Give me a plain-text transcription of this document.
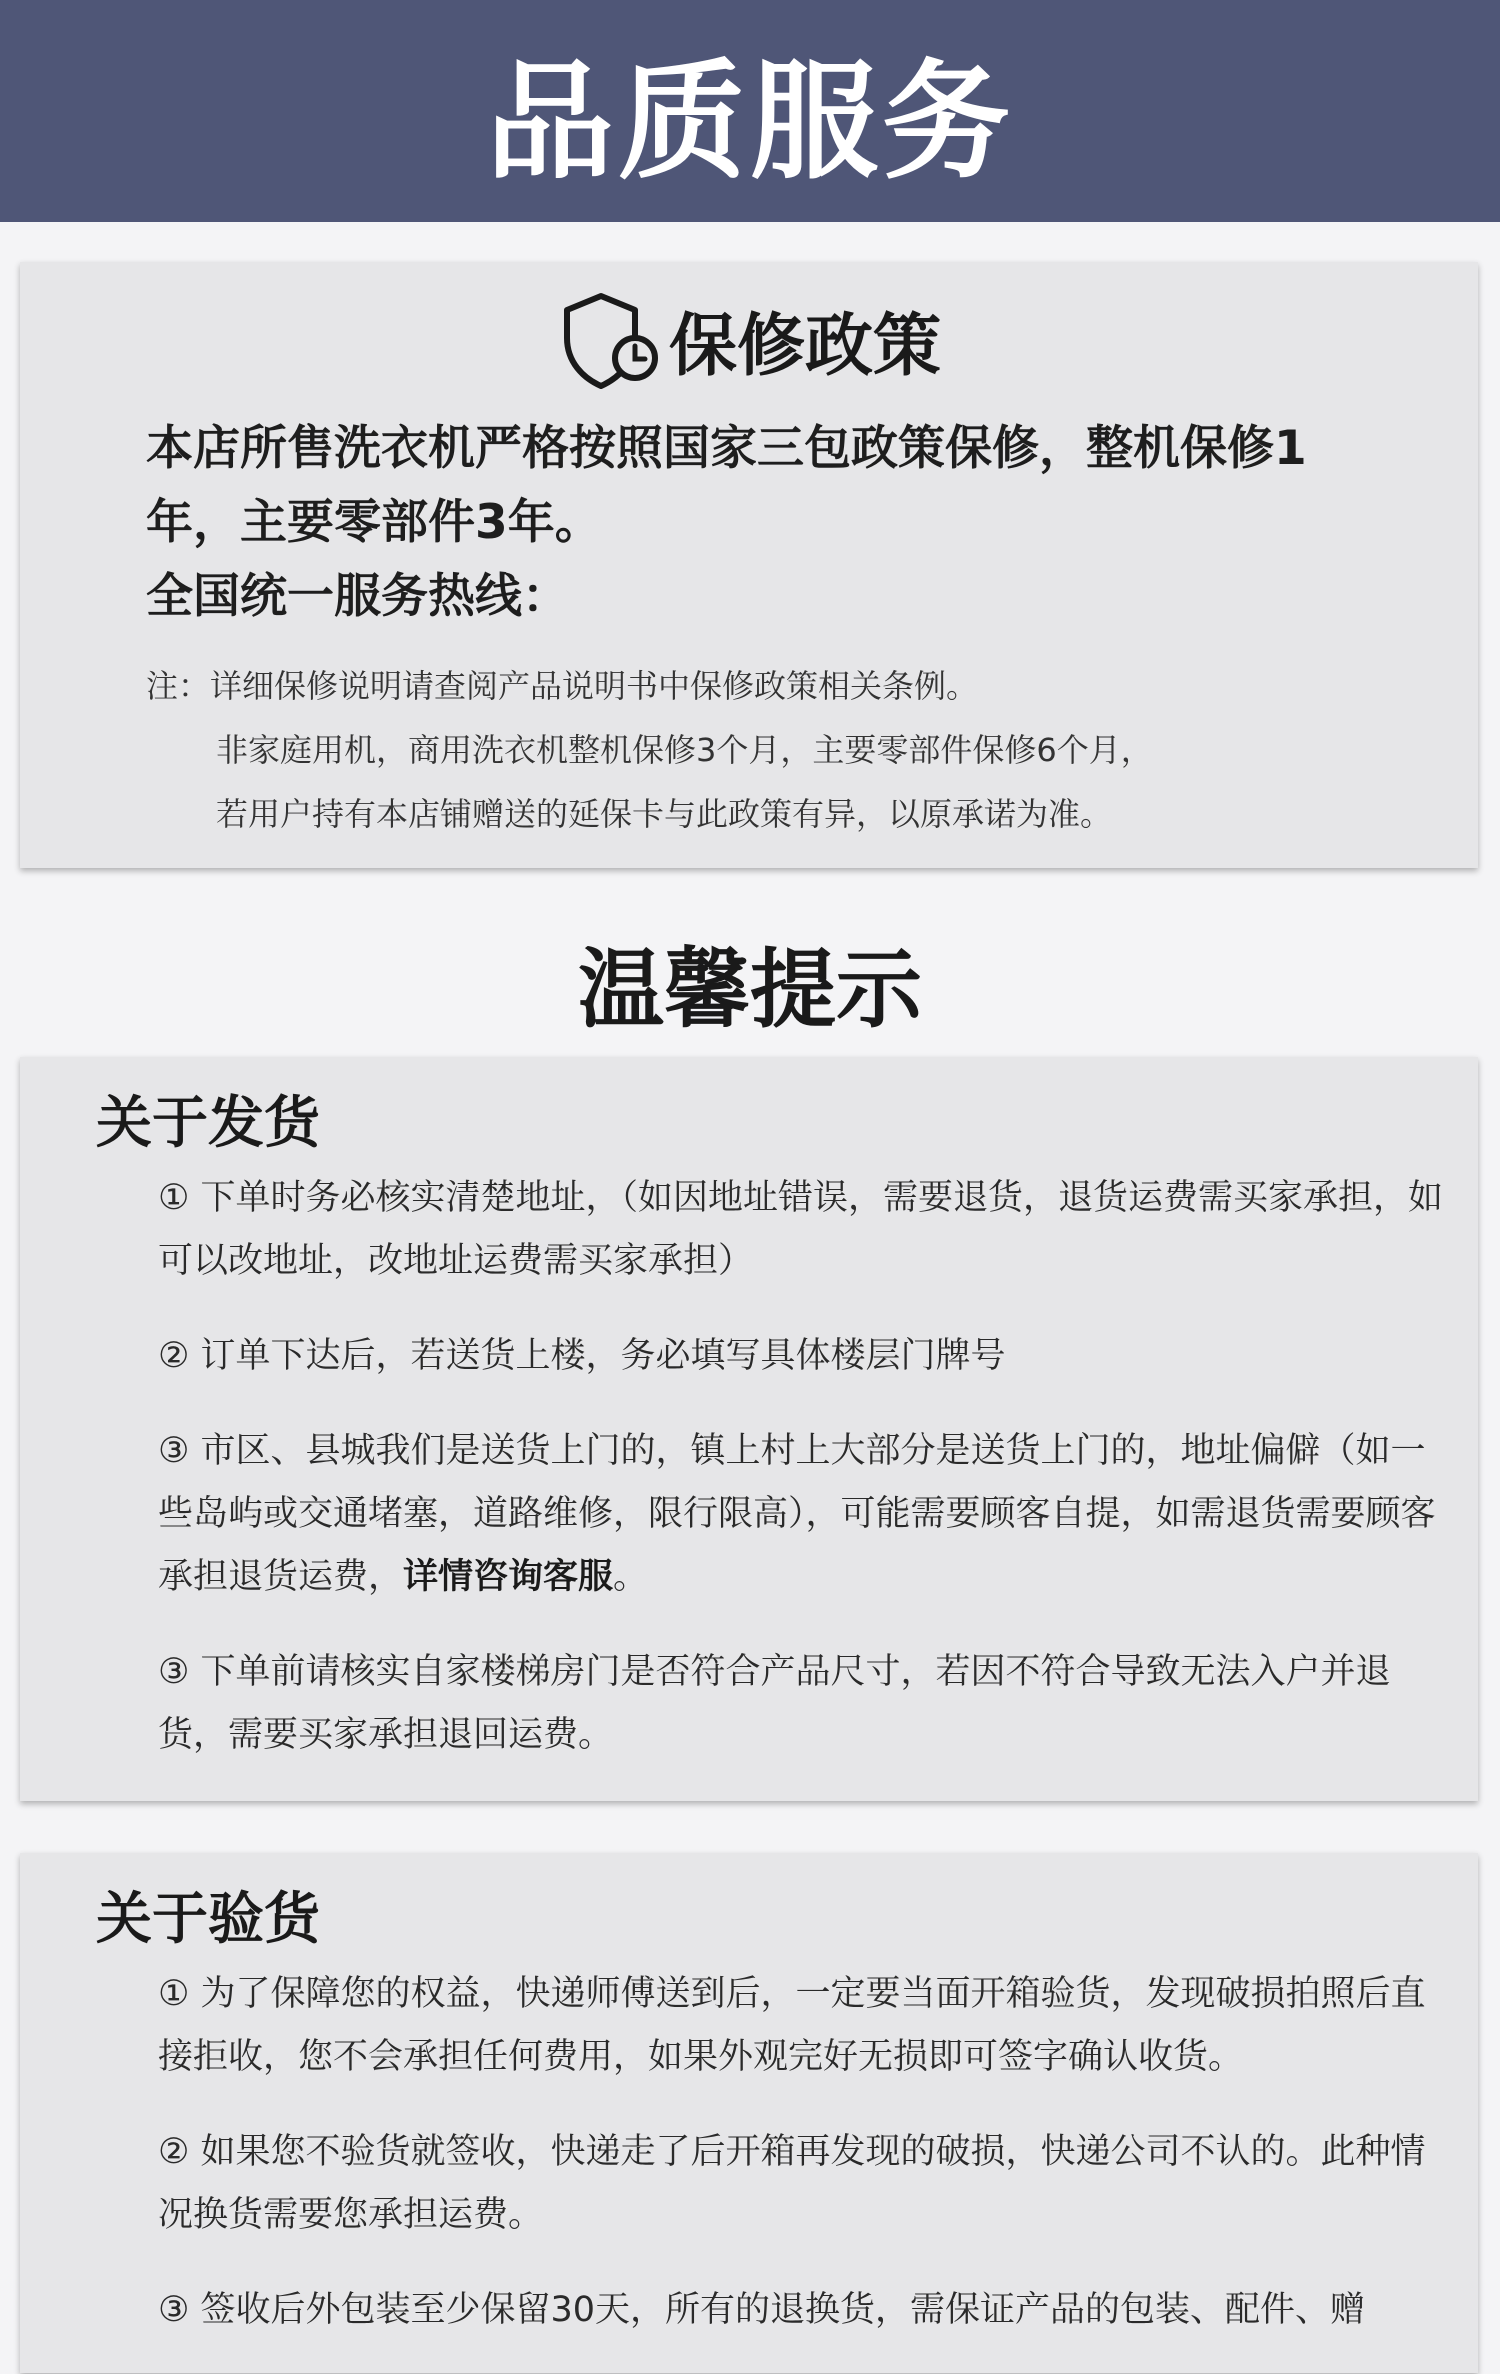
品质服务
保修政策

本店所售洗衣机严格按照国家三包政策保修，整机保修1年，主要零部件3年。

全国统一服务热线：

注：详细保修说明请查阅产品说明书中保修政策相关条例。
非家庭用机，商用洗衣机整机保修3个月，主要零部件保修6个月，
若用户持有本店铺赠送的延保卡与此政策有异，以原承诺为准。
温馨提示
关于发货

① 下单时务必核实清楚地址，（如因地址错误，需要退货，退货运费需买家承担，如可以改地址，改地址运费需买家承担）

② 订单下达后，若送货上楼，务必填写具体楼层门牌号

③ 市区、县城我们是送货上门的，镇上村上大部分是送货上门的，地址偏僻（如一些岛屿或交通堵塞，道路维修，限行限高），可能需要顾客自提，如需退货需要顾客承担退货运费，详情咨询客服。

③ 下单前请核实自家楼梯房门是否符合产品尺寸，若因不符合导致无法入户并退货，需要买家承担退回运费。

关于验货

① 为了保障您的权益，快递师傅送到后，一定要当面开箱验货，发现破损拍照后直接拒收，您不会承担任何费用，如果外观完好无损即可签字确认收货。

② 如果您不验货就签收，快递走了后开箱再发现的破损，快递公司不认的。此种情况换货需要您承担运费。

③ 签收后外包装至少保留30天，所有的退换货，需保证产品的包装、配件、赠
